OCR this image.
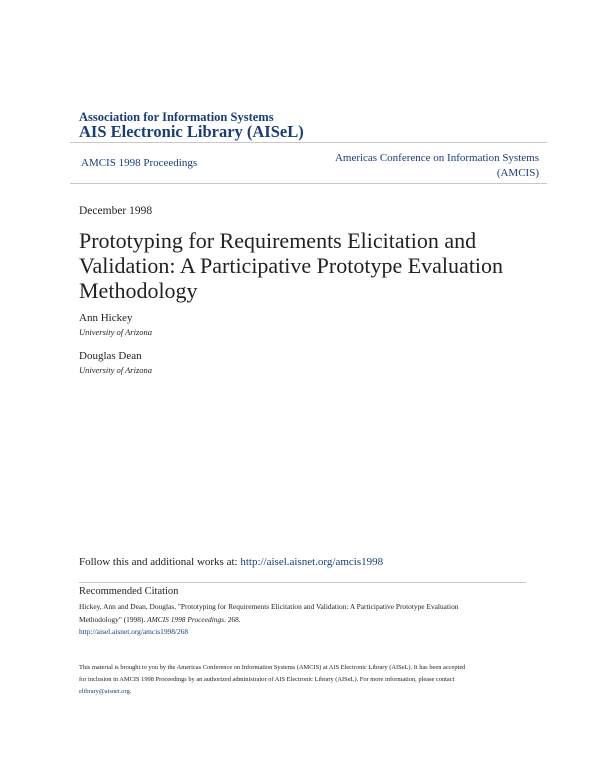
Association for Information Systems
AIS Electronic Library (AISeL)
AMCIS 1998 Proceedings	Americas Conference on Information Systems
(AMCIS)
December 1998
Prototyping for Requirements Elicitation and Validation: A Participative Prototype Evaluation Methodology
Ann Hickey
University of Arizona
Douglas Dean
University of Arizona
Follow this and additional works at: http://aisel.aisnet.org/amcis1998
Recommended Citation
Hickey, Ann and Dean, Douglas, "Prototyping for Requirements Elicitation and Validation: A Participative Prototype Evaluation
Methodology" (1998). AMCIS 1998 Proceedings. 268.
http://aisel.aisnet.org/amcis1998/268
This material is brought to you by the Americas Conference on Information Systems (AMCIS) at AIS Electronic Library (AISeL). It has been accepted
for inclusion in AMCIS 1998 Proceedings by an authorized administrator of AIS Electronic Library (AISeL). For more information, please contact
elibrary@aisnet.org.
